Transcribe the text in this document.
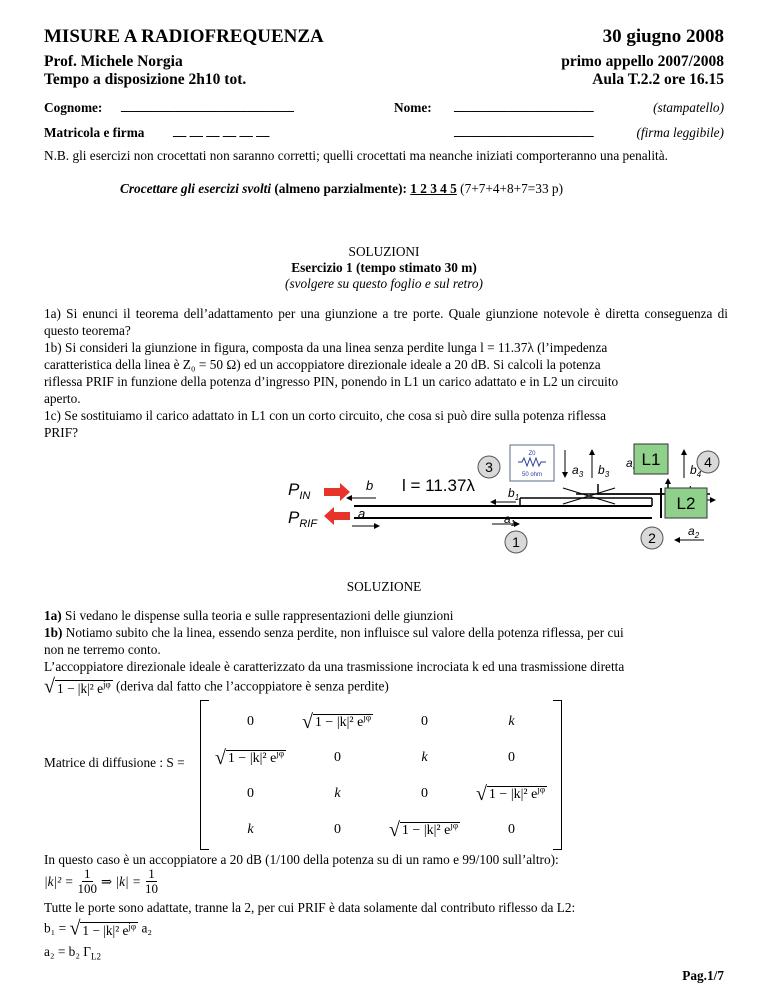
MISURE A RADIOFREQUENZA	30 giugno 2008
Prof. Michele Norgia	primo appello 2007/2008
Tempo a disposizione 2h10 tot.	Aula T.2.2 ore 16.15
Cognome: __________________________	Nome: _____________________	(stampatello)
Matricola e firma __ __ __ __ __ __	_____________________	(firma leggibile)
N.B. gli esercizi non crocettati non saranno corretti; quelli crocettati ma neanche iniziati comporteranno una penalità.
Crocettare gli esercizi svolti (almeno parzialmente): 1 2 3 4 5 (7+7+4+8+7=33 p)
SOLUZIONI
Esercizio 1 (tempo stimato 30 m)
(svolgere su questo foglio e sul retro)
1a) Si enunci il teorema dell’adattamento per una giunzione a tre porte. Quale giunzione notevole è diretta conseguenza di questo teorema?
1b) Si consideri la giunzione in figura, composta da una linea senza perdite lunga l = 11.37λ (l’impedenza
caratteristica della linea è Z₀ = 50 Ω) ed un accoppiatore direzionale ideale a 20 dB. Si calcoli la potenza
riflessa PRIF in funzione della potenza d’ingresso PIN, ponendo in L1 un carico adattato e in L2 un circuito
aperto.
1c) Se sostituiamo il carico adattato in L1 con un corto circuito, che cosa si può dire sulla potenza riflessa
PRIF?
3
Z0
50 ohm $a_3$ $b_3$
a L1
$b_4$
4
L2
$b_1$
$a_1$
1	2	$a_2$
l = 11.37λ
b
a
$P_{IN}$
$P_{RIF}$
SOLUZIONE
1a) Si vedano le dispense sulla teoria e sulle rappresentazioni delle giunzioni
1b) Notiamo subito che la linea, essendo senza perdite, non influisce sul valore della potenza riflessa, per cui
non ne terremo conto.
L’accoppiatore direzionale ideale è caratterizzato da una trasmissione incrociata k ed una trasmissione diretta
√ 1 − |k|² $e^{j\varphi}$ (deriva dal fatto che l’accoppiatore è senza perdite)
Matrice di diffusione : S =
0	√ 1 − |k|² $e^{j\varphi}$	0	k
√ 1 − |k|² $e^{j\varphi}$	0	k	0
0	k	0	√ 1 − |k|² $e^{j\varphi}$
k	0	√ 1 − |k|² $e^{j\varphi}$	0
In questo caso è un accoppiatore a 20 dB (1/100 della potenza su di un ramo e 99/100 sull’altro):
$|k|^2 = \frac{1}{100}$ ⇒ $|k| = \frac{1}{10}$
Tutte le porte sono adattate, tranne la 2, per cui PRIF è data solamente dal contributo riflesso da L2:
b₁ = √ 1 − |k|² $e^{j\varphi}$ a₂
a₂ = b₂ $\Gamma_{L2}$
Pag.1/7
